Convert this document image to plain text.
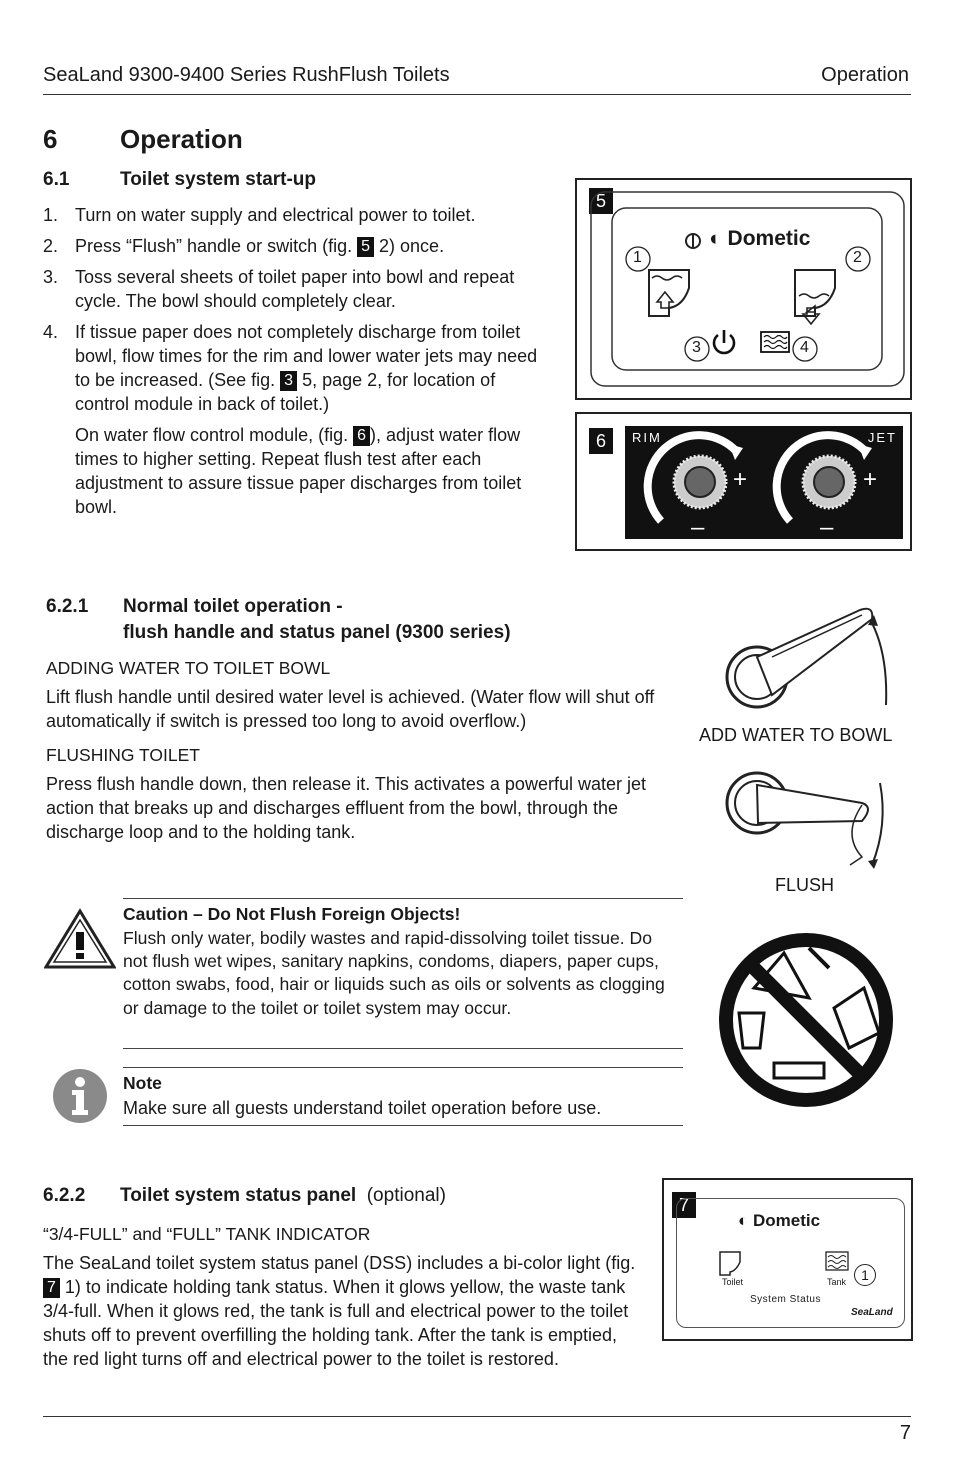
SeaLand 9300-9400 Series RushFlush Toilets	Operation
6 Operation
6.1	Toilet system start-up
1. Turn on water supply and electrical power to toilet.
2. Press “Flush” handle or switch (fig. 5 2) once.
3. Toss several sheets of toilet paper into bowl and repeat cycle. The bowl should completely clear.
4. If tissue paper does not completely discharge from toilet bowl, flow times for the rim and lower water jets may need to be increased. (See fig. 3 5, page 2, for location of control module in back of toilet.)
On water flow control module, (fig. 6 ), adjust water flow times to higher setting. Repeat flush test after each adjustment to assure tissue paper discharges from toilet bowl.
5
◐ Dometic
1	2
3	4
6	RIM	JET
+
–
+
–
6.2.1 Normal toilet operation -
flush handle and status panel (9300 series)
ADDING WATER TO TOILET BOWL
Lift flush handle until desired water level is achieved. (Water flow will shut off automatically if switch is pressed too long to avoid overflow.)
FLUSHING TOILET
Press flush handle down, then release it. This activates a powerful water jet action that breaks up and discharges effluent from the bowl, through the discharge loop and to the holding tank.
ADD WATER TO BOWL
FLUSH
Caution – Do Not Flush Foreign Objects!
Flush only water, bodily wastes and rapid-dissolving toilet tissue. Do not flush wet wipes, sanitary napkins, condoms, diapers, paper cups, cotton swabs, food, hair or liquids such as oils or solvents as clogging or damage to the toilet or toilet system may occur.
Note
Make sure all guests understand toilet operation before use.
6.2.2 Toilet system status panel (optional)
“3/4-FULL” and “FULL” TANK INDICATOR
The SeaLand toilet system status panel (DSS) includes a bi-color light (fig. 7 1) to indicate holding tank status. When it glows yellow, the waste tank 3/4-full. When it glows red, the tank is full and electrical power to the toilet shuts off to prevent overfilling the holding tank. After the tank is emptied, the red light turns off and electrical power to the toilet is restored.
7
◐ Dometic
Toilet	Tank	1
System Status
SeaLand
7
